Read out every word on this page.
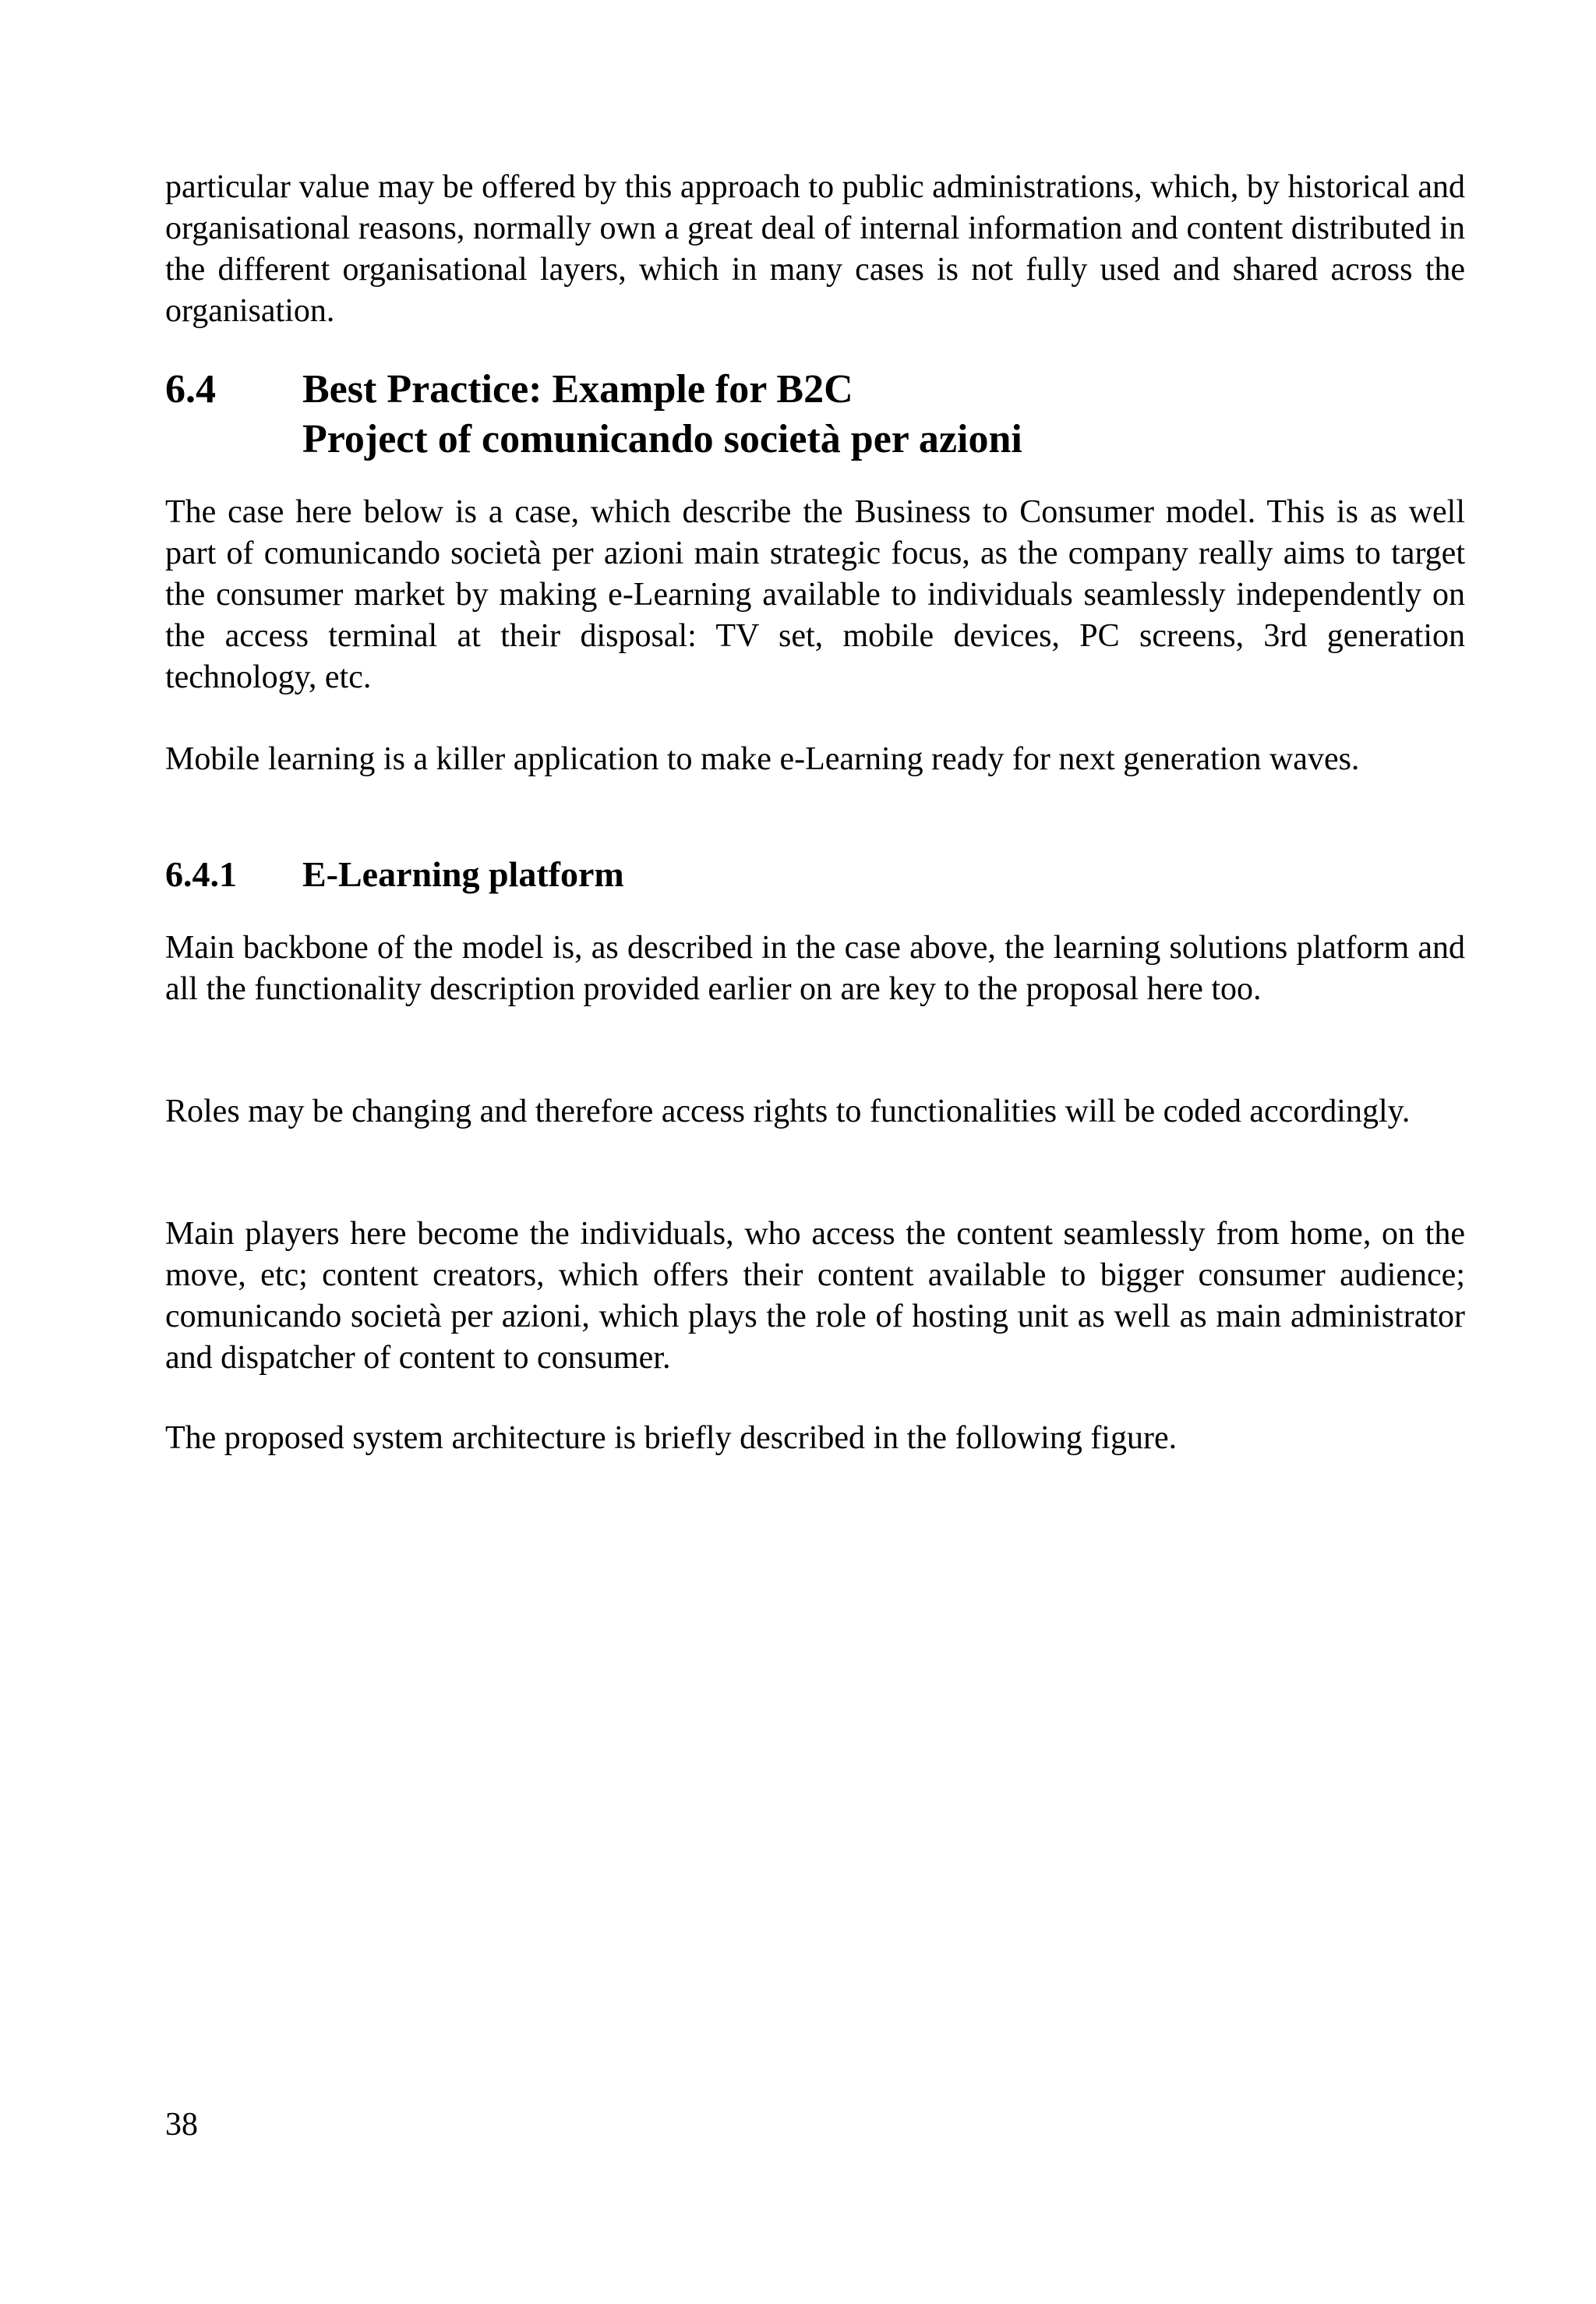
particular value may be offered by this approach to public administrations, which, by historical and organisational reasons, normally own a great deal of internal information and content distributed in the different organisational layers, which in many cases is not fully used and shared across the organisation.

6.4 Best Practice: Example for B2C
Project of comunicando società per azioni

The case here below is a case, which describe the Business to Consumer model. This is as well part of comunicando società per azioni main strategic focus, as the company really aims to target the consumer market by making e-Learning available to individuals seamlessly independently on the access terminal at their disposal: TV set, mobile devices, PC screens, 3rd generation technology, etc.

Mobile learning is a killer application to make e-Learning ready for next generation waves.

6.4.1 E-Learning platform

Main backbone of the model is, as described in the case above, the learning solutions platform and all the functionality description provided earlier on are key to the proposal here too.

Roles may be changing and therefore access rights to functionalities will be coded accordingly.

Main players here become the individuals, who access the content seamlessly from home, on the move, etc; content creators, which offers their content available to bigger consumer audience; comunicando società per azioni, which plays the role of hosting unit as well as main administrator and dispatcher of content to consumer.

The proposed system architecture is briefly described in the following figure.

38
